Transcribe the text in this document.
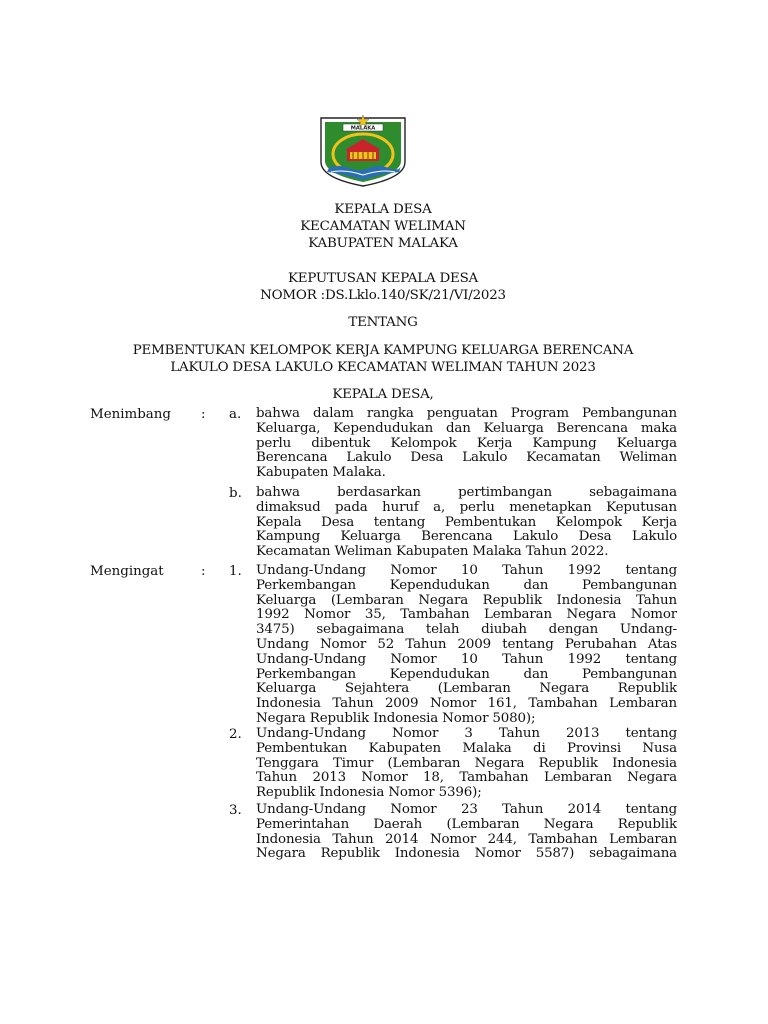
MALAKA
KEPALA DESA
KECAMATAN WELIMAN
KABUPATEN MALAKA
KEPUTUSAN KEPALA DESA
NOMOR :DS.Lklo.140/SK/21/VI/2023
TENTANG
PEMBENTUKAN KELOMPOK KERJA KAMPUNG KELUARGA BERENCANA
LAKULO DESA LAKULO KECAMATAN WELIMAN TAHUN 2023
KEPALA DESA,
Menimbang : a. bahwa dalam rangka penguatan Program Pembangunan
Keluarga, Kependudukan dan Keluarga Berencana maka
perlu dibentuk Kelompok Kerja Kampung Keluarga
Berencana Lakulo Desa Lakulo Kecamatan Weliman
Kabupaten Malaka.
b. bahwa berdasarkan pertimbangan sebagaimana
dimaksud pada huruf a, perlu menetapkan Keputusan
Kepala Desa tentang Pembentukan Kelompok Kerja
Kampung Keluarga Berencana Lakulo Desa Lakulo
Kecamatan Weliman Kabupaten Malaka Tahun 2022.
Mengingat	: 1. Undang-Undang Nomor 10 Tahun 1992 tentang
Perkembangan Kependudukan dan Pembangunan
Keluarga (Lembaran Negara Republik Indonesia Tahun
1992 Nomor 35, Tambahan Lembaran Negara Nomor
3475) sebagaimana telah diubah dengan Undang-
Undang Nomor 52 Tahun 2009 tentang Perubahan Atas
Undang-Undang Nomor 10 Tahun 1992 tentang
Perkembangan Kependudukan dan Pembangunan
Keluarga Sejahtera (Lembaran Negara Republik
Indonesia Tahun 2009 Nomor 161, Tambahan Lembaran
Negara Republik Indonesia Nomor 5080);
2. Undang-Undang Nomor 3 Tahun 2013 tentang
Pembentukan Kabupaten Malaka di Provinsi Nusa
Tenggara Timur (Lembaran Negara Republik Indonesia
Tahun 2013 Nomor 18, Tambahan Lembaran Negara
Republik Indonesia Nomor 5396);
3. Undang-Undang Nomor 23 Tahun 2014 tentang
Pemerintahan Daerah (Lembaran Negara Republik
Indonesia Tahun 2014 Nomor 244, Tambahan Lembaran
Negara Republik Indonesia Nomor 5587) sebagaimana
